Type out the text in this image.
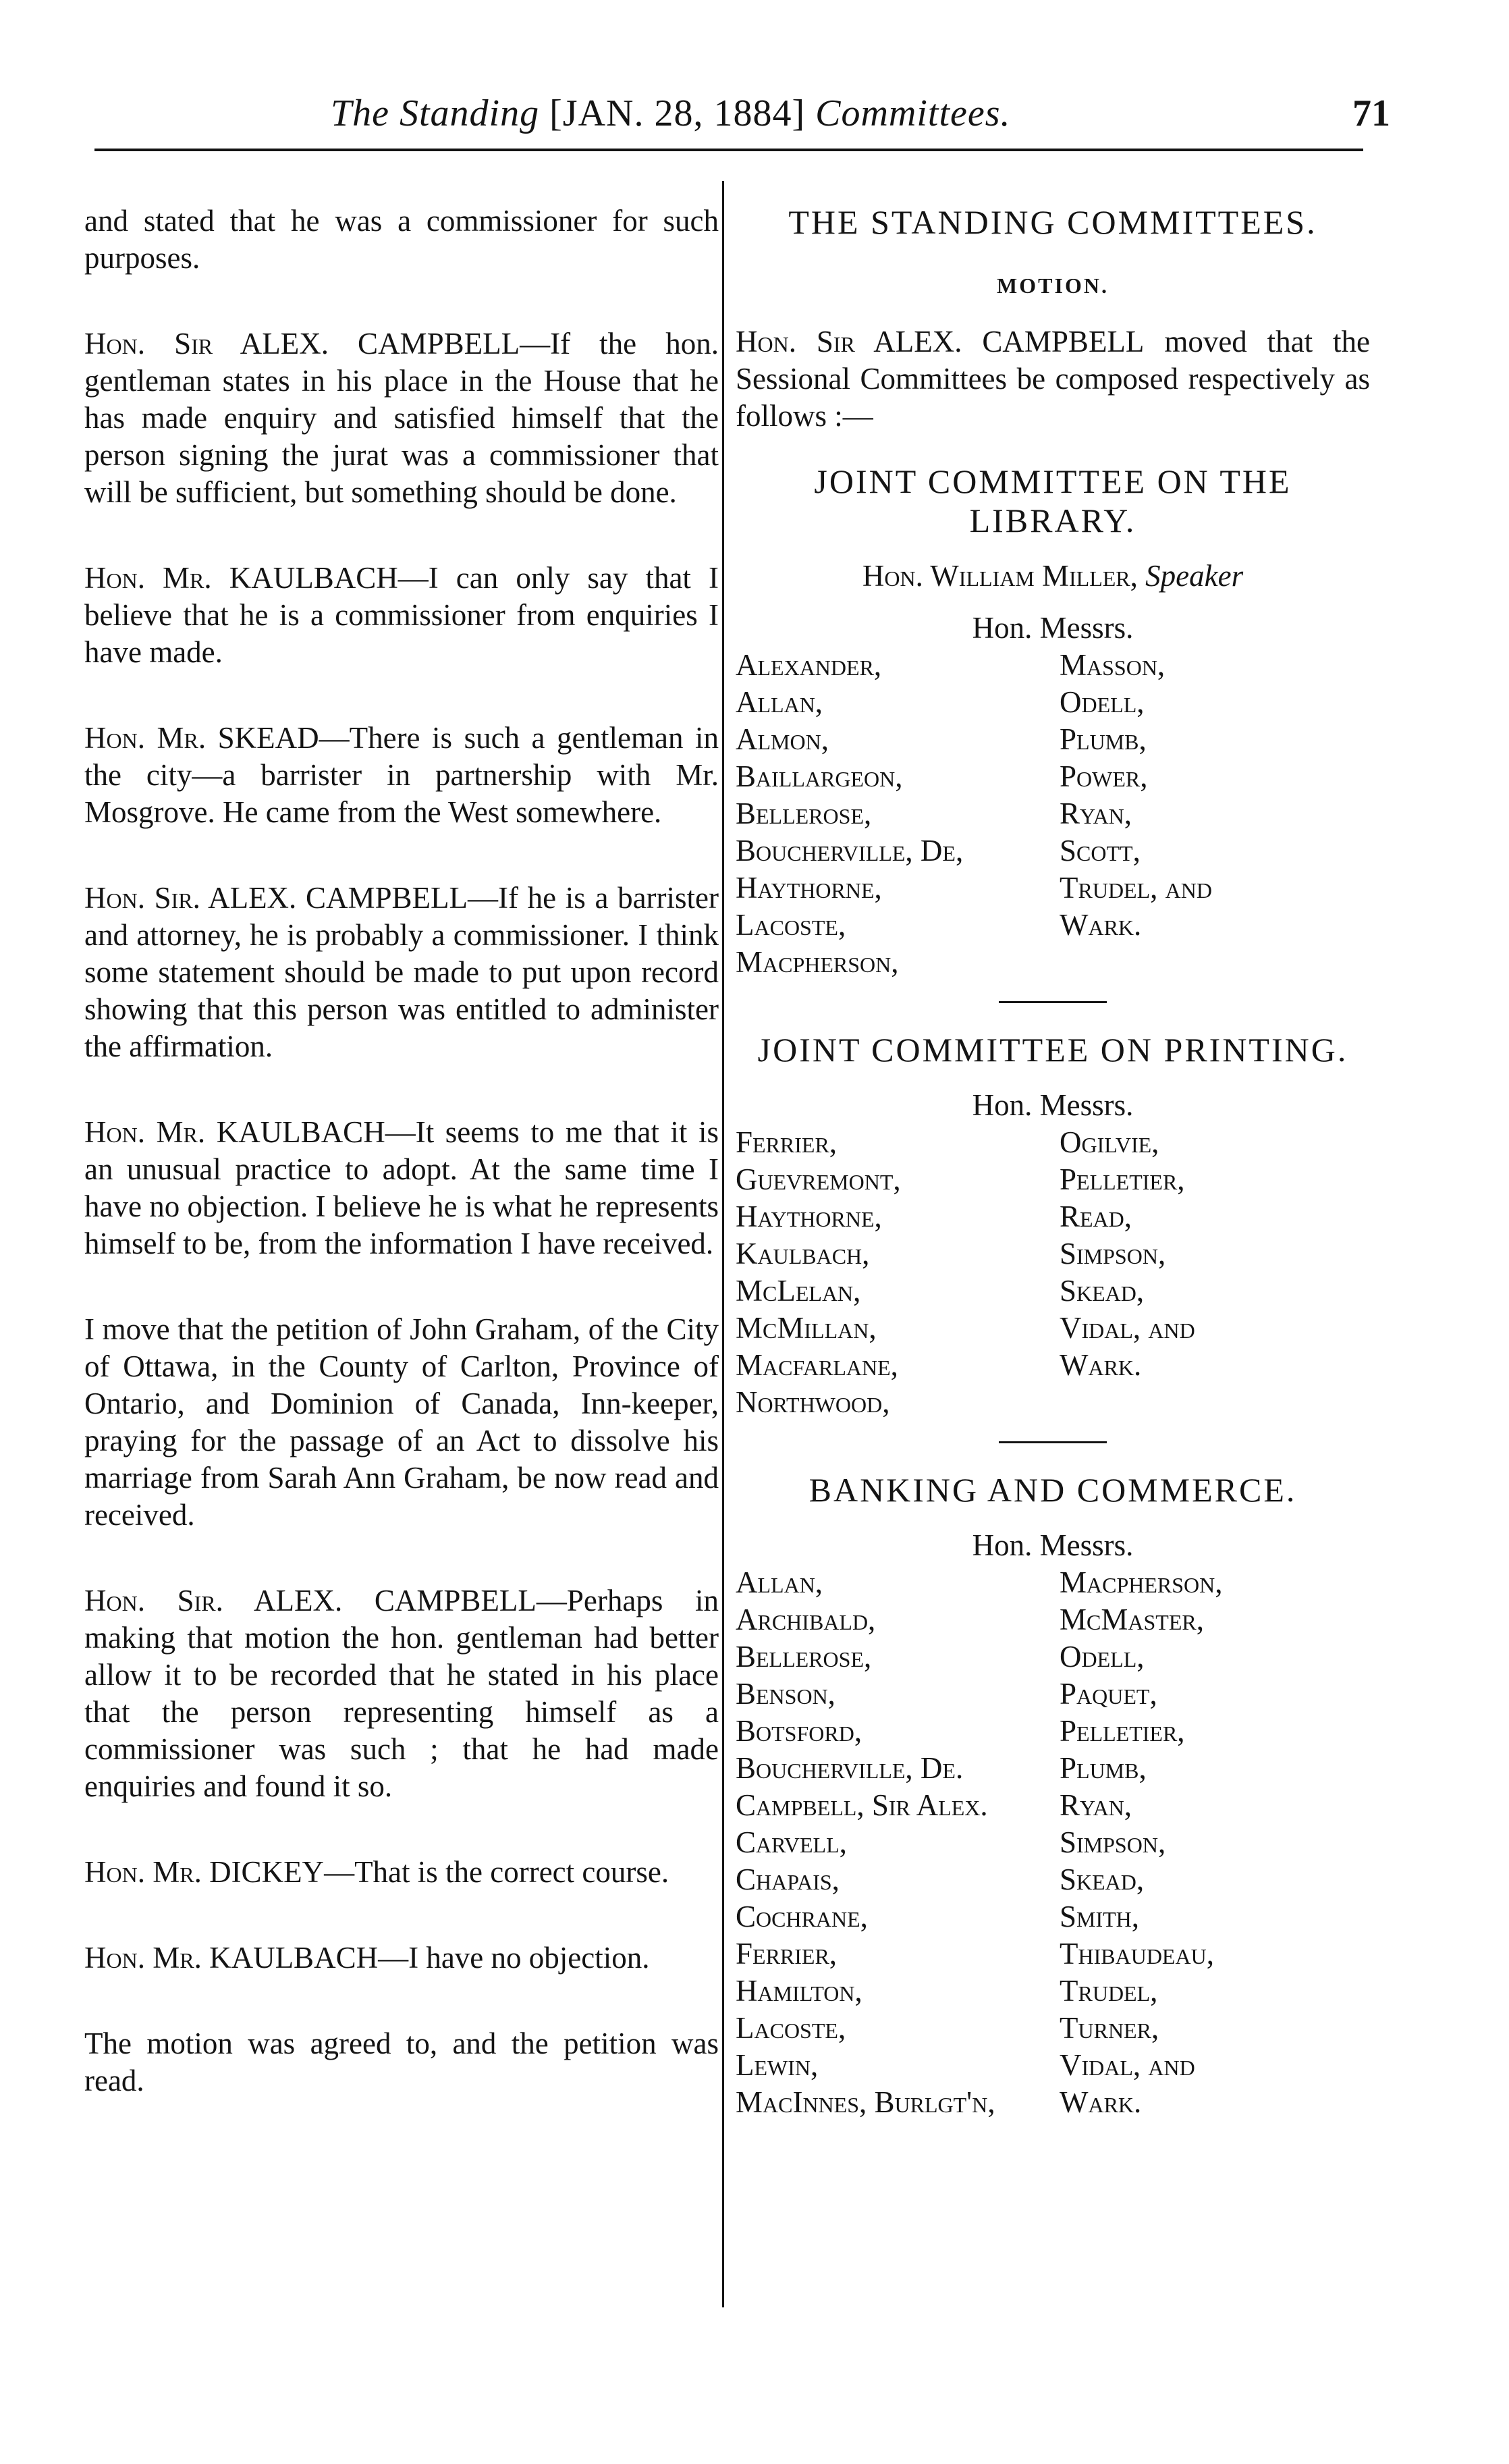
The Standing [JAN. 28, 1884] Committees.	71

and stated that he was a commissioner for such purposes.

Hon. Sir ALEX. CAMPBELL—If the hon. gentleman states in his place in the House that he has made enquiry and satisfied himself that the person signing the jurat was a commissioner that will be sufficient, but something should be done.

Hon. Mr. KAULBACH—I can only say that I believe that he is a commissioner from enquiries I have made.

Hon. Mr. SKEAD—There is such a gentleman in the city—a barrister in partnership with Mr. Mosgrove. He came from the West somewhere.

Hon. Sir. ALEX. CAMPBELL—If he is a barrister and attorney, he is probably a commissioner. I think some statement should be made to put upon record showing that this person was entitled to administer the affirmation.

Hon. Mr. KAULBACH—It seems to me that it is an unusual practice to adopt. At the same time I have no objection. I believe he is what he represents himself to be, from the information I have received.

I move that the petition of John Graham, of the City of Ottawa, in the County of Carlton, Province of Ontario, and Dominion of Canada, Inn-keeper, praying for the passage of an Act to dissolve his marriage from Sarah Ann Graham, be now read and received.

Hon. Sir. ALEX. CAMPBELL—Perhaps in making that motion the hon. gentleman had better allow it to be recorded that he stated in his place that the person representing himself as a commissioner was such ; that he had made enquiries and found it so.

Hon. Mr. DICKEY—That is the correct course.

Hon. Mr. KAULBACH—I have no objection.

The motion was agreed to, and the petition was read.

THE STANDING COMMITTEES.
MOTION.
Hon. Sir ALEX. CAMPBELL moved that the Sessional Committees be composed respectively as follows :—
JOINT COMMITTEE ON THE LIBRARY.
Hon. William Miller, Speaker
Hon. Messrs.
Alexander,	Masson,
Allan,	Odell,
Almon,	Plumb,
Baillargeon,	Power,
Bellerose,	Ryan,
Boucherville, De,	Scott,
Haythorne,	Trudel, and
Lacoste,	Wark.
Macpherson,
JOINT COMMITTEE ON PRINTING.
Hon. Messrs.
Ferrier,	Ogilvie,
Guevremont,	Pelletier,
Haythorne,	Read,
Kaulbach,	Simpson,
McLelan,	Skead,
McMillan,	Vidal, and
Macfarlane,	Wark.
Northwood,
BANKING AND COMMERCE.
Hon. Messrs.
Allan,	Macpherson,
Archibald,	McMaster,
Bellerose,	Odell,
Benson,	Paquet,
Botsford,	Pelletier,
Boucherville, De.	Plumb,
Campbell, Sir Alex.	Ryan,
Carvell,	Simpson,
Chapais,	Skead,
Cochrane,	Smith,
Ferrier,	Thibaudeau,
Hamilton,	Trudel,
Lacoste,	Turner,
Lewin,	Vidal, and
MacInnes, Burlgt'n,	Wark.
